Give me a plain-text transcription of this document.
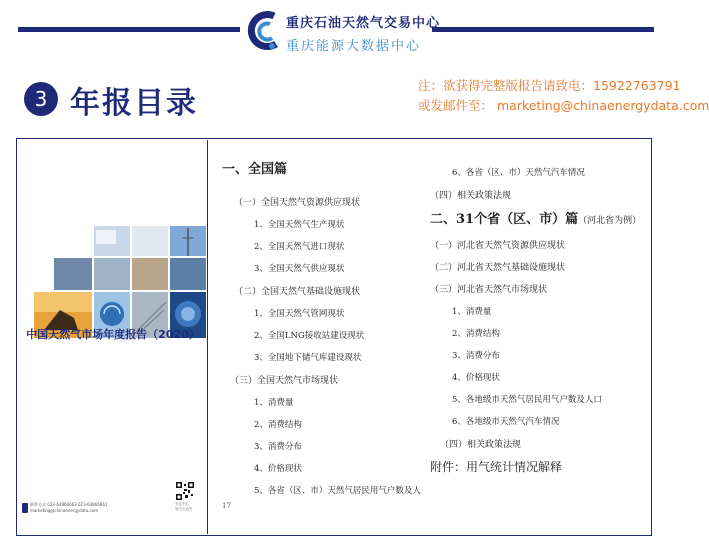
重庆石油天然气交易中心
重庆能源大数据中心
3 年报目录
注：欲获得完整版报告请致电：15922763791
或发邮件至： marketing@chinaenergydata.com
中国天然气市场年度报告（2020）
联系方式 023-64866663 023-64866661
marketing@chinaenergydata.com
关注中心
官方公众号	17
一、全国篇
（一）全国天然气资源供应现状
1、全国天然气生产现状
2、全国天然气进口现状
3、全国天然气供应现状
（二）全国天然气基础设施现状
1、全国天然气管网现状
2、全国LNG接收站建设现状
3、全国地下储气库建设现状
（三）全国天然气市场现状
1、消费量
2、消费结构
3、消费分布
4、价格现状
5、各省（区、市）天然气居民用气户数及人
6、各省（区、市）天然气汽车情况
（四）相关政策法规
二、31个省（区、市）篇（河北省为例）
（一）河北省天然气资源供应现状
（二）河北省天然气基础设施现状
（三）河北省天然气市场现状
1、消费量
2、消费结构
3、消费分布
4、价格现状
5、各地级市天然气居民用气户数及人口
6、各地级市天然气汽车情况
（四）相关政策法规
附件：用气统计情况解释
